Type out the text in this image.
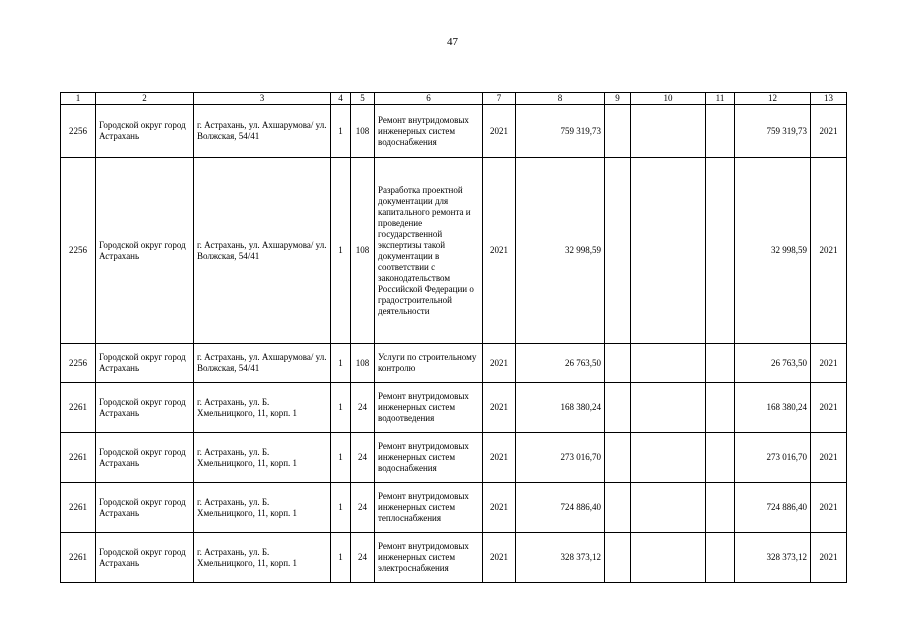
47
1	2	3	4	5	6	7	8	9	10	11	12	13
2256	Городской округ город Астрахань	г. Астрахань, ул. Ахшарумова/ ул. Волжская, 54/41	1	108	Ремонт внутридомовых инженерных систем водоснабжения	2021	759 319,73				759 319,73	2021
2256	Городской округ город Астрахань	г. Астрахань, ул. Ахшарумова/ ул. Волжская, 54/41	1	108	Разработка проектной документации для капитального ремонта и проведение государственной экспертизы такой документации в соответствии с законодательством Российской Федерации о градостроительной деятельности	2021	32 998,59				32 998,59	2021
2256	Городской округ город Астрахань	г. Астрахань, ул. Ахшарумова/ ул. Волжская, 54/41	1	108	Услуги по строительному контролю	2021	26 763,50				26 763,50	2021
2261	Городской округ город Астрахань	г. Астрахань, ул. Б. Хмельницкого, 11, корп. 1	1	24	Ремонт внутридомовых инженерных систем водоотведения	2021	168 380,24				168 380,24	2021
2261	Городской округ город Астрахань	г. Астрахань, ул. Б. Хмельницкого, 11, корп. 1	1	24	Ремонт внутридомовых инженерных систем водоснабжения	2021	273 016,70				273 016,70	2021
2261	Городской округ город Астрахань	г. Астрахань, ул. Б. Хмельницкого, 11, корп. 1	1	24	Ремонт внутридомовых инженерных систем теплоснабжения	2021	724 886,40				724 886,40	2021
2261	Городской округ город Астрахань	г. Астрахань, ул. Б. Хмельницкого, 11, корп. 1	1	24	Ремонт внутридомовых инженерных систем электроснабжения	2021	328 373,12				328 373,12	2021
